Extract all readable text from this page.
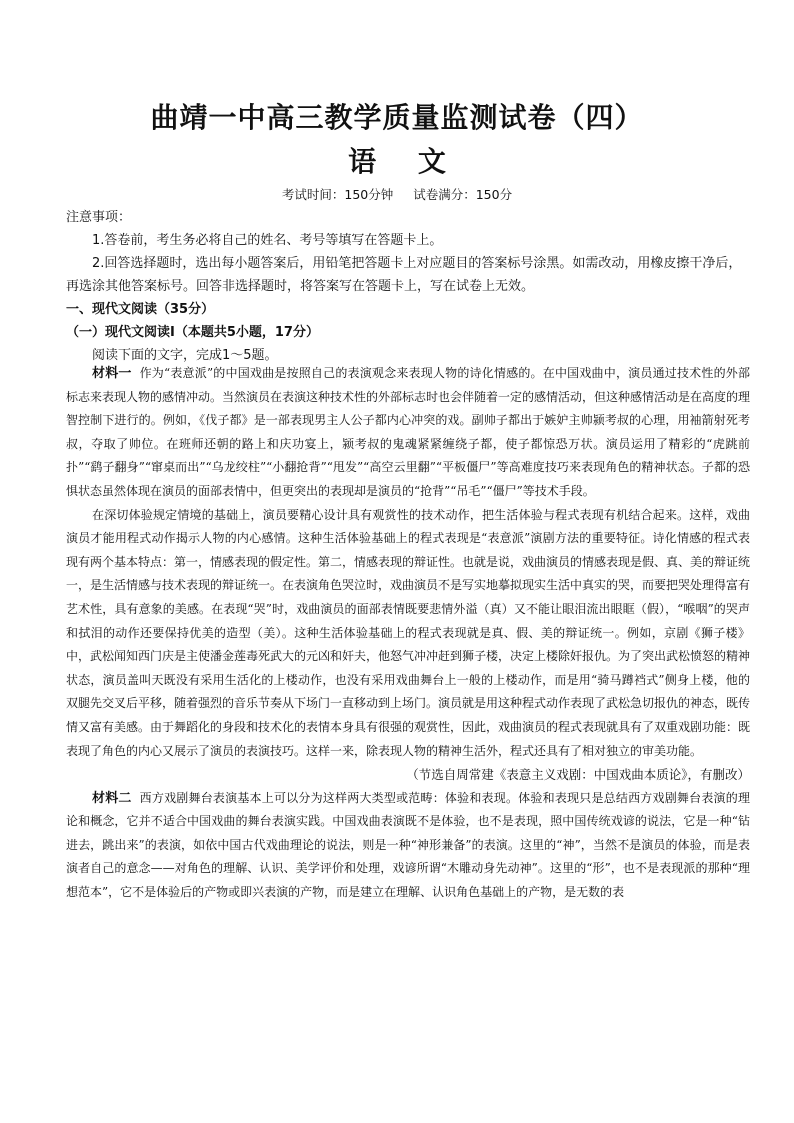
曲靖一中高三教学质量监测试卷（四）
语 文
考试时间：150分钟 试卷满分：150分
注意事项：
1.答卷前，考生务必将自己的姓名、考号等填写在答题卡上。
2.回答选择题时，选出每小题答案后，用铅笔把答题卡上对应题目的答案标号涂黑。如需改动，用橡皮擦干净后，再选涂其他答案标号。回答非选择题时，将答案写在答题卡上，写在试卷上无效。
一、现代文阅读（35分）
（一）现代文阅读Ⅰ（本题共5小题，17分）
阅读下面的文字，完成1～5题。

材料一 作为“表意派”的中国戏曲是按照自己的表演观念来表现人物的诗化情感的。在中国戏曲中，演员通过技术性的外部标志来表现人物的感情冲动。当然演员在表演这种技术性的外部标志时也会伴随着一定的感情活动，但这种感情活动是在高度的理智控制下进行的。例如，《伐子都》是一部表现男主人公子都内心冲突的戏。副帅子都出于嫉妒主帅颍考叔的心理，用袖箭射死考叔，夺取了帅位。在班师还朝的路上和庆功宴上，颍考叔的鬼魂紧紧缠绕子都，使子都惊恐万状。演员运用了精彩的“虎跳前扑”“鹞子翻身”“窜桌而出”“乌龙绞柱”“小翻抢背”“甩发”“高空云里翻”“平板僵尸”等高难度技巧来表现角色的精神状态。子都的恐惧状态虽然体现在演员的面部表情中，但更突出的表现却是演员的“抢背”“吊毛”“僵尸”等技术手段。

在深切体验规定情境的基础上，演员要精心设计具有观赏性的技术动作，把生活体验与程式表现有机结合起来。这样，戏曲演员才能用程式动作揭示人物的内心感情。这种生活体验基础上的程式表现是“表意派”演剧方法的重要特征。诗化情感的程式表现有两个基本特点：第一，情感表现的假定性。第二，情感表现的辩证性。也就是说，戏曲演员的情感表现是假、真、美的辩证统一，是生活情感与技术表现的辩证统一。在表演角色哭泣时，戏曲演员不是写实地摹拟现实生活中真实的哭，而要把哭处理得富有艺术性，具有意象的美感。在表现“哭”时，戏曲演员的面部表情既要悲情外溢（真）又不能让眼泪流出眼眶（假），“喉咽”的哭声和拭泪的动作还要保持优美的造型（美）。这种生活体验基础上的程式表现就是真、假、美的辩证统一。例如，京剧《狮子楼》中，武松闻知西门庆是主使潘金莲毒死武大的元凶和奸夫，他怒气冲冲赶到狮子楼，决定上楼除奸报仇。为了突出武松愤怒的精神状态，演员盖叫天既没有采用生活化的上楼动作，也没有采用戏曲舞台上一般的上楼动作，而是用“骑马蹲裆式”侧身上楼，他的双腿先交叉后平移，随着强烈的音乐节奏从下场门一直移动到上场门。演员就是用这种程式动作表现了武松急切报仇的神态，既传情又富有美感。由于舞蹈化的身段和技术化的表情本身具有很强的观赏性，因此，戏曲演员的程式表现就具有了双重戏剧功能：既表现了角色的内心又展示了演员的表演技巧。这样一来，除表现人物的精神生活外，程式还具有了相对独立的审美功能。

（节选自周常建《表意主义戏剧：中国戏曲本质论》，有删改）

材料二 西方戏剧舞台表演基本上可以分为这样两大类型或范畴：体验和表现。体验和表现只是总结西方戏剧舞台表演的理论和概念，它并不适合中国戏曲的舞台表演实践。中国戏曲表演既不是体验，也不是表现，照中国传统戏谚的说法，它是一种“钻进去，跳出来”的表演，如依中国古代戏曲理论的说法，则是一种“神形兼备”的表演。这里的“神”，当然不是演员的体验，而是表演者自己的意念——对角色的理解、认识、美学评价和处理，戏谚所谓“木雕动身先动神”。这里的“形”，也不是表现派的那种“理想范本”，它不是体验后的产物或即兴表演的产物，而是建立在理解、认识角色基础上的产物，是无数的表
